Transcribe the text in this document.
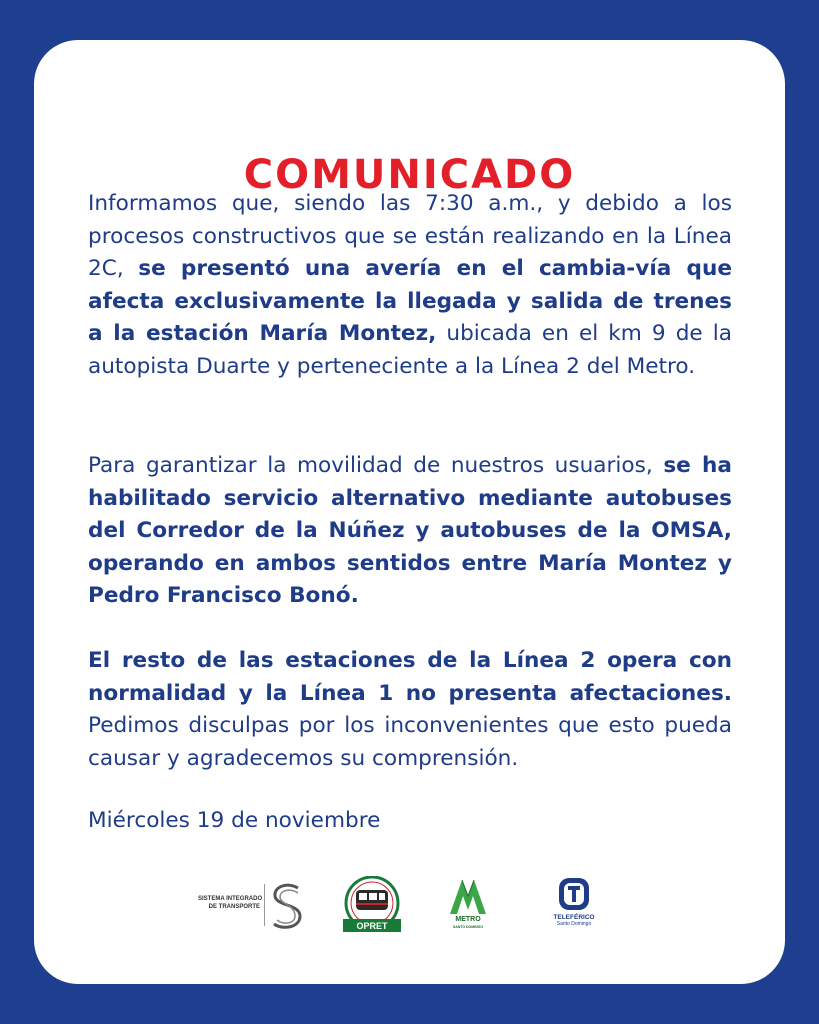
COMUNICADO

Informamos que, siendo las 7:30 a.m., y debido a los procesos constructivos que se están realizando en la Línea 2C, se presentó una avería en el cambia-vía que afecta exclusivamente la llegada y salida de trenes a la estación María Montez, ubicada en el km 9 de la autopista Duarte y perteneciente a la Línea 2 del Metro.

Para garantizar la movilidad de nuestros usuarios, se ha habilitado servicio alternativo mediante autobuses del Corredor de la Núñez y autobuses de la OMSA, operando en ambos sentidos entre María Montez y Pedro Francisco Bonó.

El resto de las estaciones de la Línea 2 opera con normalidad y la Línea 1 no presenta afectaciones. Pedimos disculpas por los inconvenientes que esto pueda causar y agradecemos su comprensión.

Miércoles 19 de noviembre

SISTEMA INTEGRADO
DE TRANSPORTE
OPRET
METRO
SANTO DOMINGO
TELEFÉRICO
Santo Domingo
